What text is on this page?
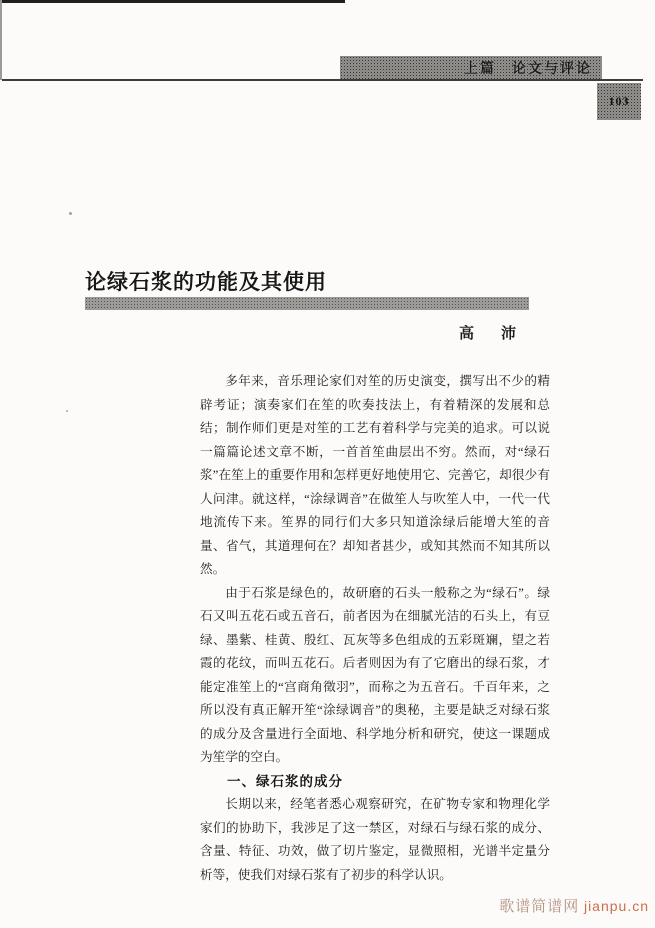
上篇　论文与评论
103
论绿石浆的功能及其使用
高　沛

多年来，音乐理论家们对笙的历史演变，撰写出不少的精辟考证；演奏家们在笙的吹奏技法上，有着精深的发展和总结；制作师们更是对笙的工艺有着科学与完美的追求。可以说一篇篇论述文章不断，一首首笙曲层出不穷。然而，对“绿石浆”在笙上的重要作用和怎样更好地使用它、完善它，却很少有人问津。就这样，“涂绿调音”在做笙人与吹笙人中，一代一代地流传下来。笙界的同行们大多只知道涂绿后能增大笙的音量、省气，其道理何在？却知者甚少，或知其然而不知其所以然。

由于石浆是绿色的，故研磨的石头一般称之为“绿石”。绿石又叫五花石或五音石，前者因为在细腻光洁的石头上，有豆绿、墨紫、桂黄、殷红、瓦灰等多色组成的五彩斑斓，望之若霞的花纹，而叫五花石。后者则因为有了它磨出的绿石浆，才能定准笙上的“宫商角徵羽”，而称之为五音石。千百年来，之所以没有真正解开笙“涂绿调音”的奥秘，主要是缺乏对绿石浆的成分及含量进行全面地、科学地分析和研究，使这一课题成为笙学的空白。

一、绿石浆的成分

长期以来，经笔者悉心观察研究，在矿物专家和物理化学家们的协助下，我涉足了这一禁区，对绿石与绿石浆的成分、含量、特征、功效，做了切片鉴定，显微照相，光谱半定量分析等，使我们对绿石浆有了初步的科学认识。

歌谱简谱网 jianpu.cn
